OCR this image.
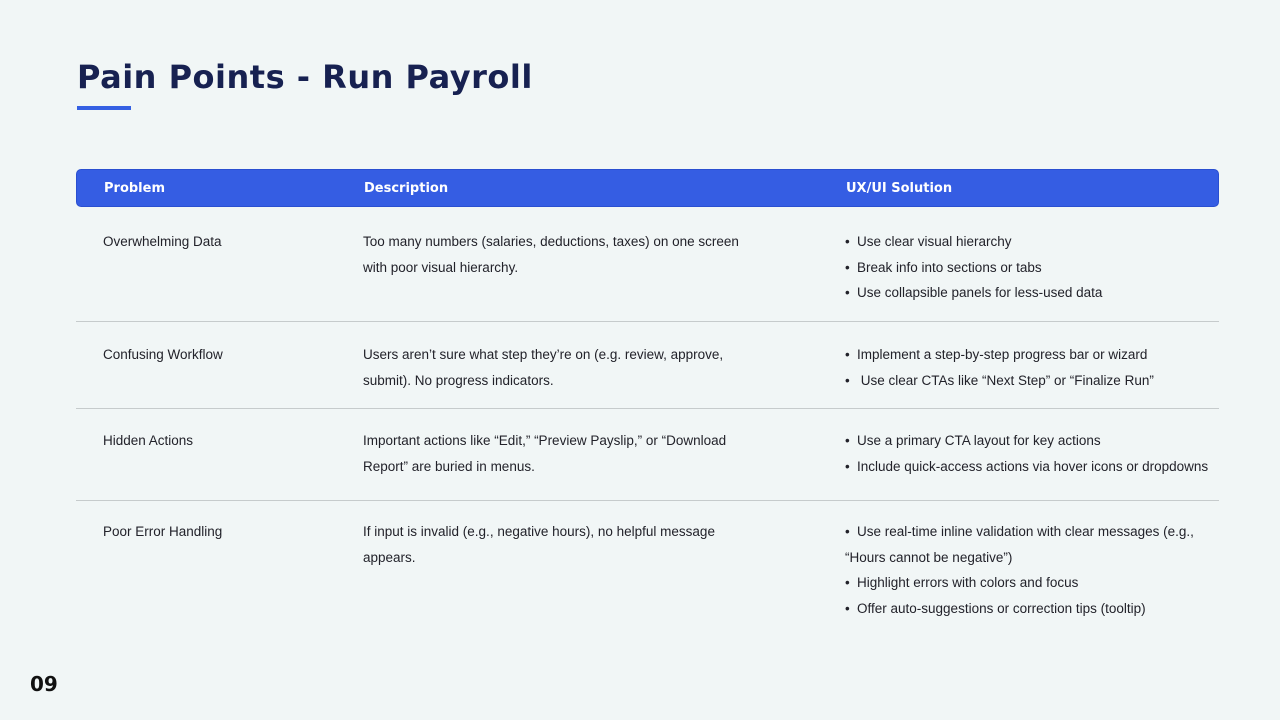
Pain Points - Run Payroll
Problem	Description	UX/UI Solution
Overwhelming Data	Too many numbers (salaries, deductions, taxes) on one screen with poor visual hierarchy.
• Use clear visual hierarchy
• Break info into sections or tabs
• Use collapsible panels for less-used data
Confusing Workflow	Users aren’t sure what step they’re on (e.g. review, approve, submit). No progress indicators.
• Implement a step-by-step progress bar or wizard
• Use clear CTAs like “Next Step” or “Finalize Run”
Hidden Actions	Important actions like “Edit,” “Preview Payslip,” or “Download Report” are buried in menus.
• Use a primary CTA layout for key actions
• Include quick-access actions via hover icons or dropdowns
Poor Error Handling	If input is invalid (e.g., negative hours), no helpful message appears.
• Use real-time inline validation with clear messages (e.g.,
“Hours cannot be negative”)
• Highlight errors with colors and focus
• Offer auto-suggestions or correction tips (tooltip)
09
